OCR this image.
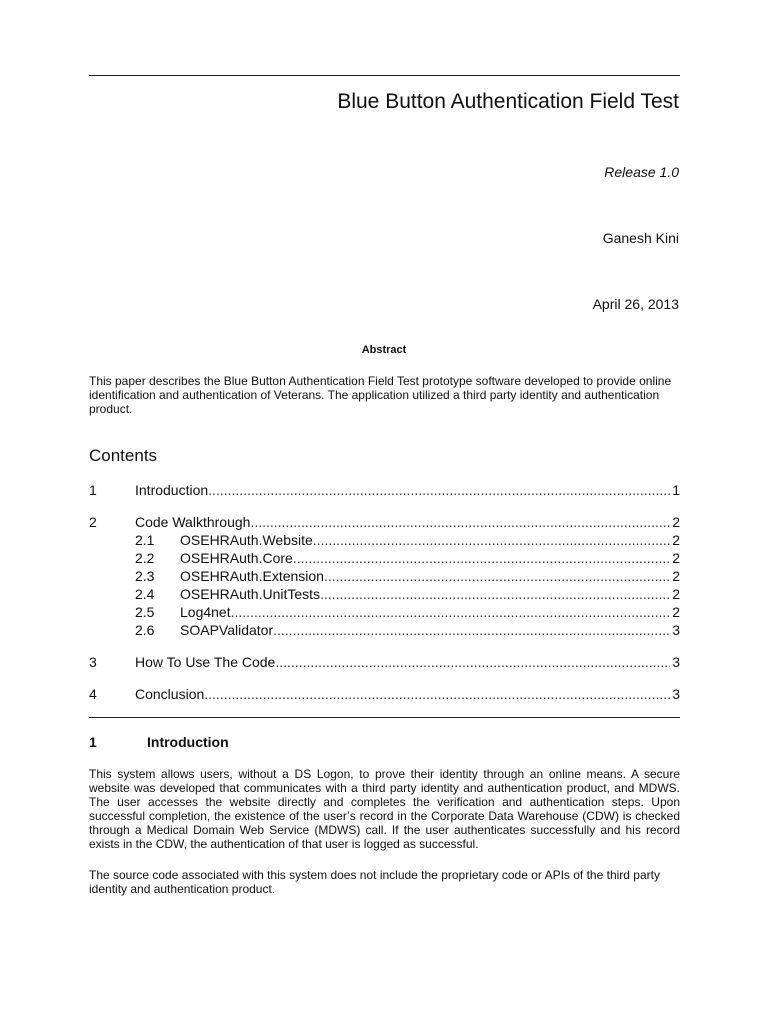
Blue Button Authentication Field Test
Release 1.0
Ganesh Kini
April 26, 2013
Abstract

This paper describes the Blue Button Authentication Field Test prototype software developed to provide online identification and authentication of Veterans. The application utilized a third party identity and authentication product.

Contents
1	Introduction .....	1
2	Code Walkthrough .....	2
2.1	OSEHRAuth.Website .....	2
2.2	OSEHRAuth.Core .....	2
2.3	OSEHRAuth.Extension .....	2
2.4	OSEHRAuth.UnitTests .....	2
2.5	Log4net .....	2
2.6	SOAPValidator .....	3
3	How To Use The Code .....	3
4	Conclusion .....	3
1	Introduction

This system allows users, without a DS Logon, to prove their identity through an online means. A secure website was developed that communicates with a third party identity and authentication product, and MDWS. The user accesses the website directly and completes the verification and authentication steps. Upon successful completion, the existence of the user’s record in the Corporate Data Warehouse (CDW) is checked through a Medical Domain Web Service (MDWS) call. If the user authenticates successfully and his record exists in the CDW, the authentication of that user is logged as successful.

The source code associated with this system does not include the proprietary code or APIs of the third party identity and authentication product.
